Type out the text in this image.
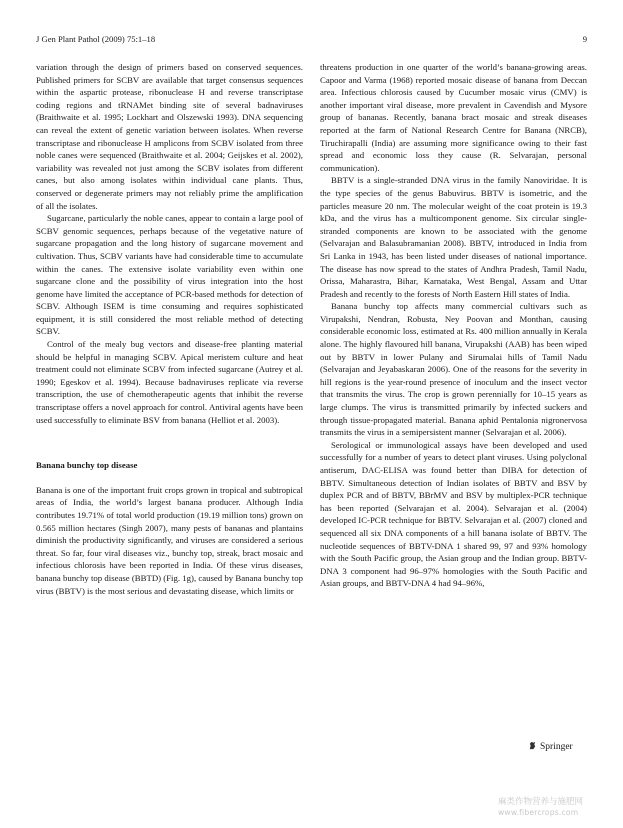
J Gen Plant Pathol (2009) 75:1–18	9

variation through the design of primers based on conserved sequences. Published primers for SCBV are available that target consensus sequences within the aspartic protease, ribonuclease H and reverse transcriptase coding regions and tRNAMet binding site of several badnaviruses (Braithwaite et al. 1995; Lockhart and Olszewski 1993). DNA sequencing can reveal the extent of genetic variation between isolates. When reverse transcriptase and ribonuclease H amplicons from SCBV isolated from three noble canes were sequenced (Braithwaite et al. 2004; Geijskes et al. 2002), variability was revealed not just among the SCBV isolates from different canes, but also among isolates within individual cane plants. Thus, conserved or degenerate primers may not reliably prime the amplification of all the isolates.

Sugarcane, particularly the noble canes, appear to contain a large pool of SCBV genomic sequences, perhaps because of the vegetative nature of sugarcane propagation and the long history of sugarcane movement and cultivation. Thus, SCBV variants have had considerable time to accumulate within the canes. The extensive isolate variability even within one sugarcane clone and the possibility of virus integration into the host genome have limited the acceptance of PCR-based methods for detection of SCBV. Although ISEM is time consuming and requires sophisticated equipment, it is still considered the most reliable method of detecting SCBV.

Control of the mealy bug vectors and disease-free planting material should be helpful in managing SCBV. Apical meristem culture and heat treatment could not eliminate SCBV from infected sugarcane (Autrey et al. 1990; Egeskov et al. 1994). Because badnaviruses replicate via reverse transcription, the use of chemotherapeutic agents that inhibit the reverse transcriptase offers a novel approach for control. Antiviral agents have been used successfully to eliminate BSV from banana (Helliot et al. 2003).

Banana bunchy top disease

Banana is one of the important fruit crops grown in tropical and subtropical areas of India, the world’s largest banana producer. Although India contributes 19.71% of total world production (19.19 million tons) grown on 0.565 million hectares (Singh 2007), many pests of bananas and plantains diminish the productivity significantly, and viruses are considered a serious threat. So far, four viral diseases viz., bunchy top, streak, bract mosaic and infectious chlorosis have been reported in India. Of these virus diseases, banana bunchy top disease (BBTD) (Fig. 1g), caused by Banana bunchy top virus (BBTV) is the most serious and devastating disease, which limits or

threatens production in one quarter of the world’s banana-growing areas. Capoor and Varma (1968) reported mosaic disease of banana from Deccan area. Infectious chlorosis caused by Cucumber mosaic virus (CMV) is another important viral disease, more prevalent in Cavendish and Mysore group of bananas. Recently, banana bract mosaic and streak diseases reported at the farm of National Research Centre for Banana (NRCB), Tiruchirapalli (India) are assuming more significance owing to their fast spread and economic loss they cause (R. Selvarajan, personal communication).

BBTV is a single-stranded DNA virus in the family Nanoviridae. It is the type species of the genus Babuvirus. BBTV is isometric, and the particles measure 20 nm. The molecular weight of the coat protein is 19.3 kDa, and the virus has a multicomponent genome. Six circular single-stranded components are known to be associated with the genome (Selvarajan and Balasubramanian 2008). BBTV, introduced in India from Sri Lanka in 1943, has been listed under diseases of national importance. The disease has now spread to the states of Andhra Pradesh, Tamil Nadu, Orissa, Maharastra, Bihar, Karnataka, West Bengal, Assam and Uttar Pradesh and recently to the forests of North Eastern Hill states of India.

Banana bunchy top affects many commercial cultivars such as Virupakshi, Nendran, Robusta, Ney Poovan and Monthan, causing considerable economic loss, estimated at Rs. 400 million annually in Kerala alone. The highly flavoured hill banana, Virupakshi (AAB) has been wiped out by BBTV in lower Pulany and Sirumalai hills of Tamil Nadu (Selvarajan and Jeyabaskaran 2006). One of the reasons for the severity in hill regions is the year-round presence of inoculum and the insect vector that transmits the virus. The crop is grown perennially for 10–15 years as large clumps. The virus is transmitted primarily by infected suckers and through tissue-propagated material. Banana aphid Pentalonia nigronervosa transmits the virus in a semipersistent manner (Selvarajan et al. 2006).

Serological or immunological assays have been developed and used successfully for a number of years to detect plant viruses. Using polyclonal antiserum, DAC-ELISA was found better than DIBA for detection of BBTV. Simultaneous detection of Indian isolates of BBTV and BSV by duplex PCR and of BBTV, BBrMV and BSV by multiplex-PCR technique has been reported (Selvarajan et al. 2004). Selvarajan et al. (2004) developed IC-PCR technique for BBTV. Selvarajan et al. (2007) cloned and sequenced all six DNA components of a hill banana isolate of BBTV. The nucleotide sequences of BBTV-DNA 1 shared 99, 97 and 93% homology with the South Pacific group, the Asian group and the Indian group. BBTV-DNA 3 component had 96–97% homologies with the South Pacific and Asian groups, and BBTV-DNA 4 had 94–96%,

Springer
麻类作物营养与施肥网
www.fibercrops.com
